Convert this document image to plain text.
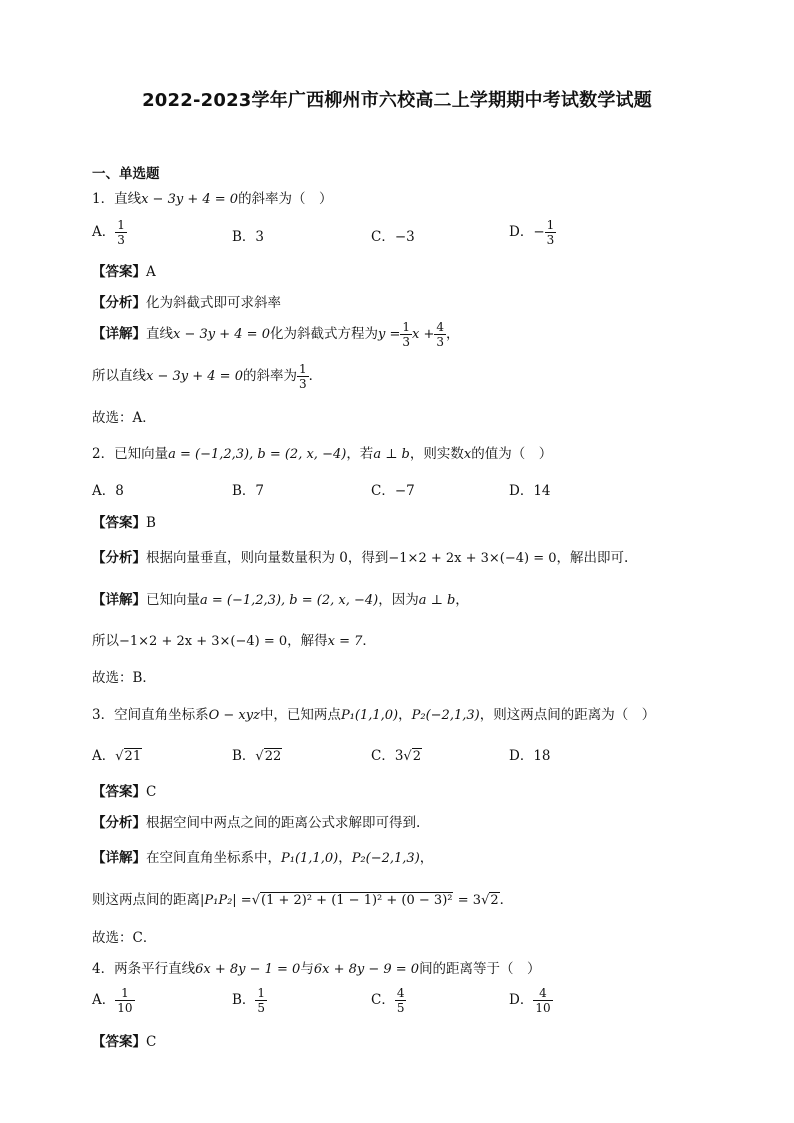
2022-2023学年广西柳州市六校高二上学期期中考试数学试题
一、单选题
1．直线x − 3y + 4 = 0的斜率为（　）
A． $\frac{1}{3}$	B．3	C．−3	D．− $\frac{1}{3}$
【答案】A
【分析】化为斜截式即可求斜率
【详解】直线x − 3y + 4 = 0化为斜截式方程为$y = \frac{1}{3}$ $x + \frac{4}{3}$ ，
所以直线x − 3y + 4 = 0的斜率为 $\frac{1}{3}$ ．
故选：A．
2．已知向量a = (−1,2,3), b = (2, x, −4)，若a ⊥ b，则实数x的值为（　）
A．8	B．7	C．−7	D．14
【答案】B
【分析】根据向量垂直，则向量数量积为 0，得到−1×2 + 2x + 3×(−4) = 0，解出即可.
【详解】已知向量a = (−1,2,3), b = (2, x, −4)，因为a ⊥ b，
所以−1×2 + 2x + 3×(−4) = 0，解得x = 7．
故选：B．
3．空间直角坐标系O − xyz中，已知两点P₁(1,1,0)，P₂(−2,1,3)，则这两点间的距离为（　）
A．√21	B．√22	C．3√2	D．18
【答案】C
【分析】根据空间中两点之间的距离公式求解即可得到.
【详解】在空间直角坐标系中，P₁(1,1,0)，P₂(−2,1,3)，
则这两点间的距离|P₁P₂| =√(1 + 2)² + (1 − 1)² + (0 − 3)² = 3√2．
故选：C．
4．两条平行直线6x + 8y − 1 = 0与6x + 8y − 9 = 0间的距离等于（　）
A． $\frac{1}{10}$	B． $\frac{1}{5}$	C． $\frac{4}{5}$	D． $\frac{4}{10}$
【答案】C
